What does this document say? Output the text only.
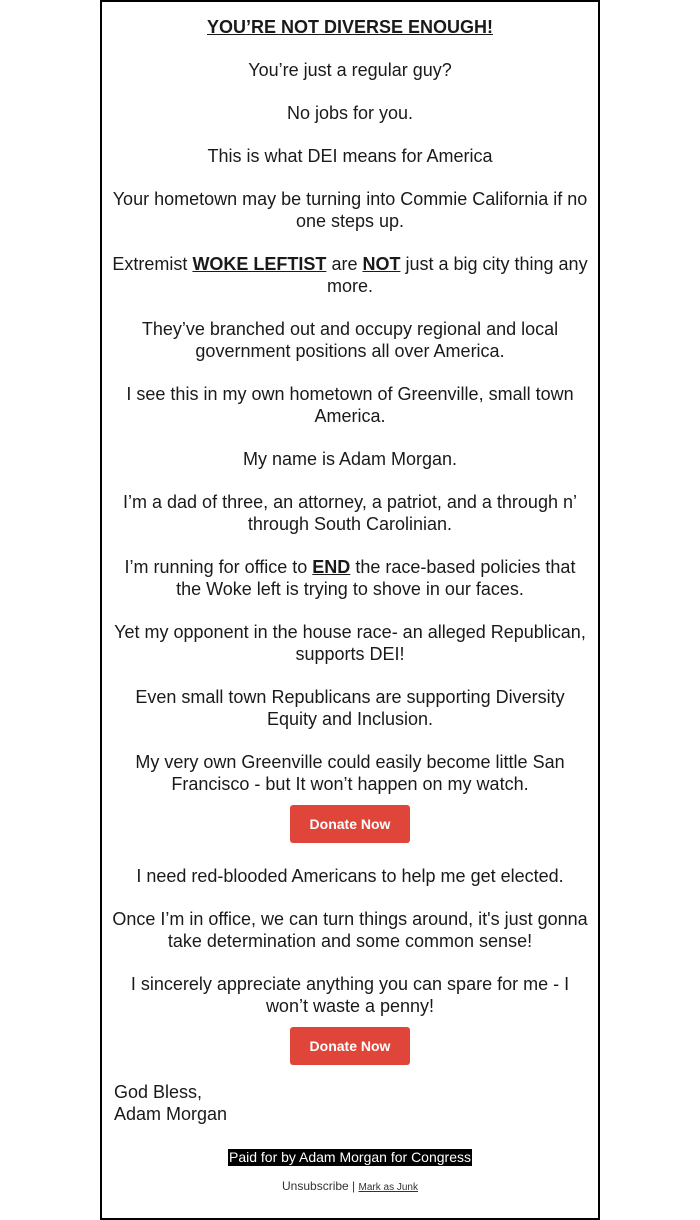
YOU’RE NOT DIVERSE ENOUGH!

You’re just a regular guy?

No jobs for you.

This is what DEI means for America

Your hometown may be turning into Commie California if no one steps up.

Extremist WOKE LEFTIST are NOT just a big city thing any more.

They’ve branched out and occupy regional and local government positions all over America.

I see this in my own hometown of Greenville, small town America.

My name is Adam Morgan.

I’m a dad of three, an attorney, a patriot, and a through n’ through South Carolinian.

I’m running for office to END the race-based policies that the Woke left is trying to shove in our faces.

Yet my opponent in the house race- an alleged Republican, supports DEI!

Even small town Republicans are supporting Diversity Equity and Inclusion.

My very own Greenville could easily become little San Francisco - but It won’t happen on my watch.

Donate Now

I need red-blooded Americans to help me get elected.

Once I’m in office, we can turn things around, it's just gonna take determination and some common sense!

I sincerely appreciate anything you can spare for me - I won’t waste a penny!

Donate Now
God Bless,
Adam Morgan
Paid for by Adam Morgan for Congress
Unsubscribe | Mark as Junk
